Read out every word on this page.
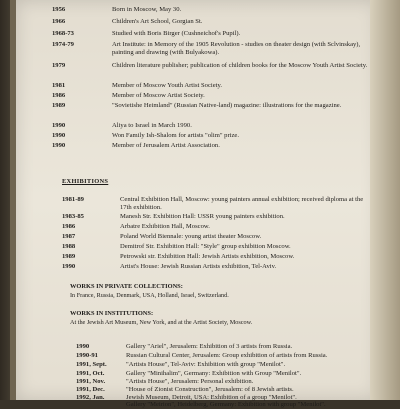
1956	Born in Moscow, May 30.
1966	Children's Art School, Gorgian St.
1968-73	Studied with Boris Birger (Cushneichof's Pupil).
1974-79	Art Institute: in Memory of the 1905 Revolution - studies on theater design (with Sclvinskay), painting and drawing (with Bulyakowa).
1979	Children literature publisher; publication of children books for the Moscow Youth Artist Society.
1981	Member of Moscow Youth Artist Society.
1986	Member of Moscow Artist Society.
1989	"Sovietishe Heimland" (Russian Native-land) magazine: illustrations for the magazine.
1990	Aliya to Israel in March 1990.
1990	Won Family Ish-Shalom for artists "olim" prize.
1990	Member of Jerusalem Artist Association.
EXHIBITIONS
1981-89	Central Exhibition Hall, Moscow: young painters annual exhibition; received diploma at the 17th exhibition.
1983-85	Manesh Str. Exhibition Hall: USSR young painters exhibition.
1986	Arbatre Exhibition Hall, Moscow.
1987	Poland World Biennale: young artist theater Moscow.
1988	Demitrof Str. Exhibition Hall: "Style" group exhibition Moscow.
1989	Petrowski str. Exhibition Hall: Jewish Artists exhibition, Moscow.
1990	Artist's House: Jewish Russian Artists exhibition, Tel-Aviv.
WORKS IN PRIVATE COLLECTIONS:
In France, Russia, Denmark, USA, Holland, Israel, Switzerland.
WORKS IN INSTITUTIONS:
At the Jewish Art Museum, New York, and at the Artist Society, Moscow.
1990	Gallery "Ariel", Jerusalem: Exhibition of 3 artists from Russia.
1990-91	Russian Cultural Center, Jerusalem: Group exhibition of artists from Russia.
1991, Sept.	"Artists House", Tel-Aviv: Exhibition with group "Menilot".
1991, Oct.	Gallery "Minihalim", Germany: Exhibition with Group "Menilot".
1991, Nov.	"Artists House", Jerusalem: Personal exhibition.
1991, Dec.	"House of Zionist Construction", Jerusalem: of 8 Jewish artists.
1992, Jan.	Jewish Museum, Detroit, USA: Exhibition of a group "Menilot".
Gallery "Meirion", Heidelberg, Germany: Exhibition with group "Menilot".
